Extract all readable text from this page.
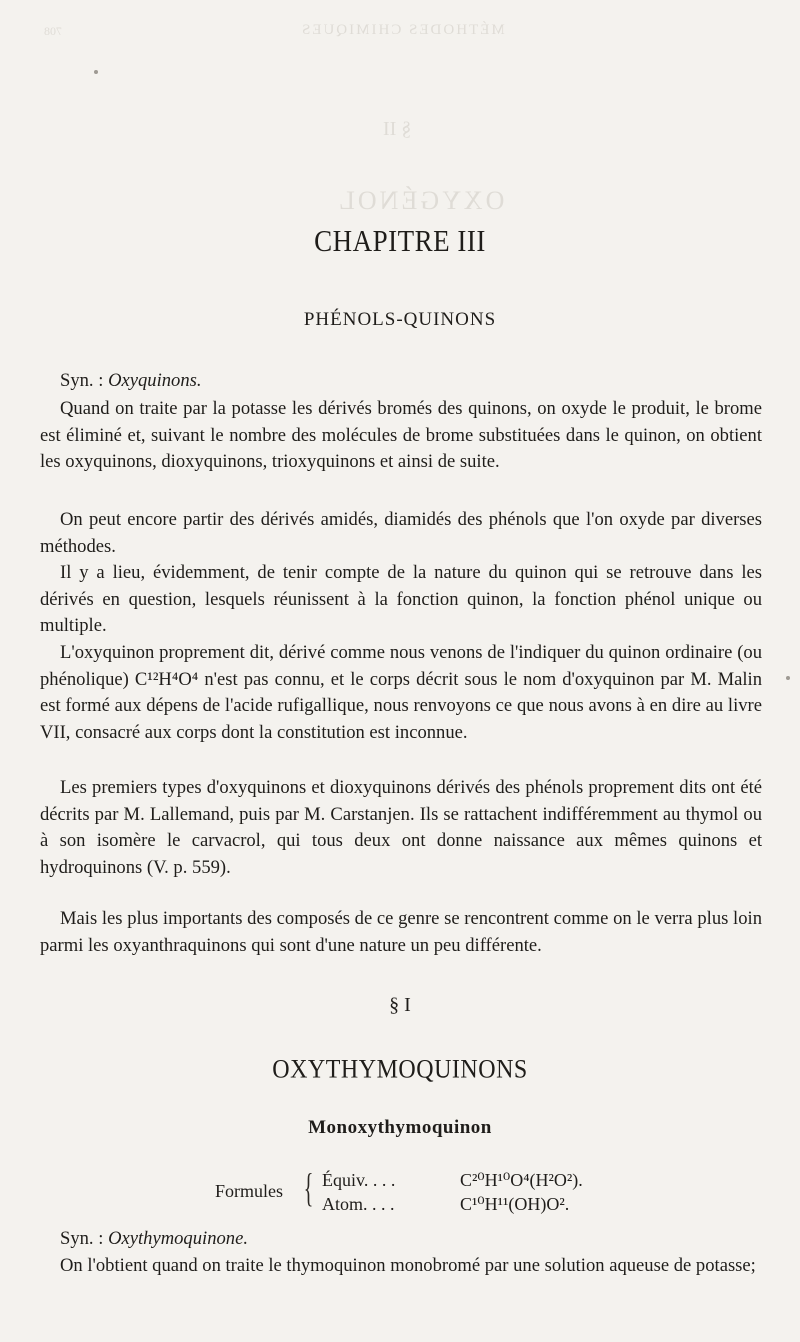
708	MÉTHODES CHIMIQUES
§ II
OXYGÉNOL
CHAPITRE III
PHÉNOLS-QUINONS
Syn. : Oxyquinons.

Quand on traite par la potasse les dérivés bromés des quinons, on oxyde le produit, le brome est éliminé et, suivant le nombre des molécules de brome substituées dans le quinon, on obtient les oxyquinons, dioxyquinons, trioxyquinons et ainsi de suite.

On peut encore partir des dérivés amidés, diamidés des phénols que l'on oxyde par diverses méthodes.

Il y a lieu, évidemment, de tenir compte de la nature du quinon qui se retrouve dans les dérivés en question, lesquels réunissent à la fonction quinon, la fonction phénol unique ou multiple.

L'oxyquinon proprement dit, dérivé comme nous venons de l'indiquer du quinon ordinaire (ou phénolique) C¹²H⁴O⁴ n'est pas connu, et le corps décrit sous le nom d'oxyquinon par M. Malin est formé aux dépens de l'acide rufigallique, nous renvoyons ce que nous avons à en dire au livre VII, consacré aux corps dont la constitution est inconnue.

Les premiers types d'oxyquinons et dioxyquinons dérivés des phénols proprement dits ont été décrits par M. Lallemand, puis par M. Carstanjen. Ils se rattachent indifféremment au thymol ou à son isomère le carvacrol, qui tous deux ont donne naissance aux mêmes quinons et hydroquinons (V. p. 559).

Mais les plus importants des composés de ce genre se rencontrent comme on le verra plus loin parmi les oxyanthraquinons qui sont d'une nature un peu différente.

§ I
OXYTHYMOQUINONS
Monoxythymoquinon
Formules { Équiv. . . .	C²⁰H¹⁰O⁴(H²O²).
Atom. . . .	C¹⁰H¹¹(OH)O².
Syn. : Oxythymoquinone.

On l'obtient quand on traite le thymoquinon monobromé par une solution aqueuse de potasse;
